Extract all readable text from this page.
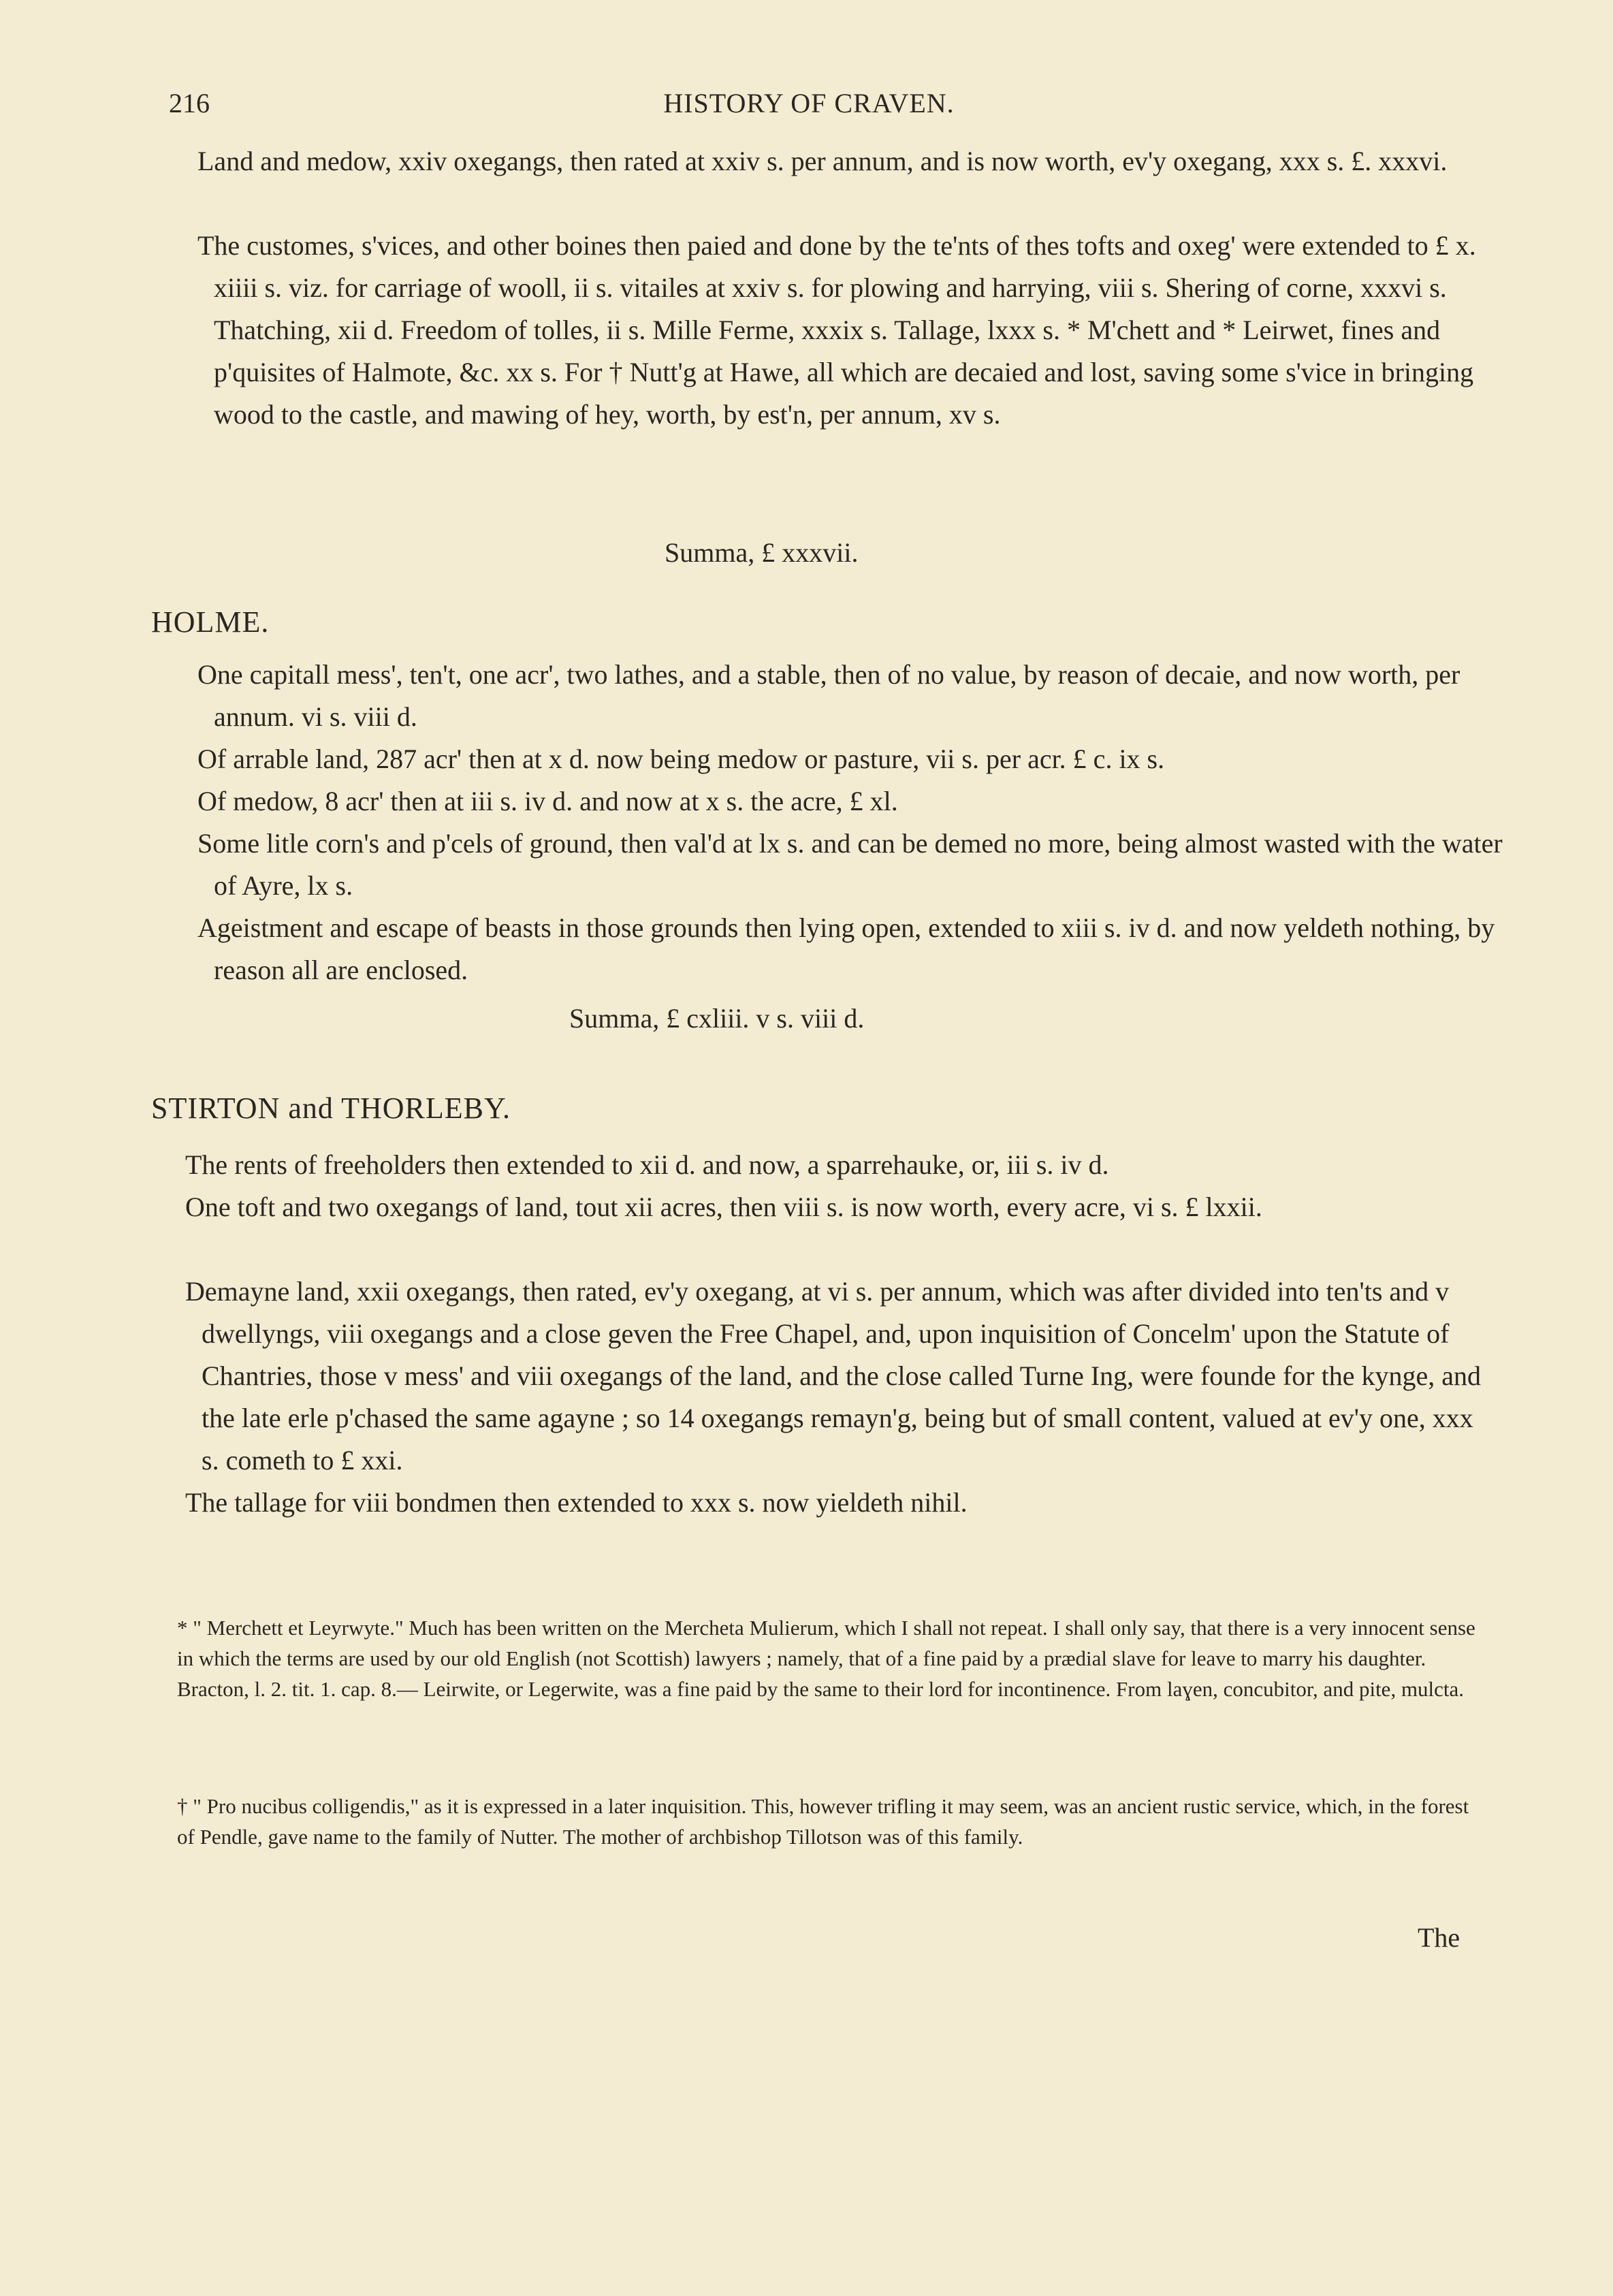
216	HISTORY OF CRAVEN.

Land and medow, xxiv oxegangs, then rated at xxiv s. per annum, and is now worth, ev'y oxegang, xxx s. £. xxxvi.

The customes, s'vices, and other boines then paied and done by the te'nts of thes tofts and oxeg' were extended to £ x. xiiii s. viz. for carriage of wooll, ii s. vitailes at xxiv s. for plowing and harrying, viii s. Shering of corne, xxxvi s. Thatching, xii d. Freedom of tolles, ii s. Mille Ferme, xxxix s. Tallage, lxxx s. * M'chett and * Leirwet, fines and p'quisites of Halmote, &c. xx s. For † Nutt'g at Hawe, all which are decaied and lost, saving some s'vice in bringing wood to the castle, and mawing of hey, worth, by est'n, per annum, xv s.

Summa, £ xxxvii.

HOLME.

One capitall mess', ten't, one acr', two lathes, and a stable, then of no value, by reason of decaie, and now worth, per annum. vi s. viii d.

Of arrable land, 287 acr' then at x d. now being medow or pasture, vii s. per acr. £ c. ix s.

Of medow, 8 acr' then at iii s. iv d. and now at x s. the acre, £ xl.

Some litle corn's and p'cels of ground, then val'd at lx s. and can be demed no more, being almost wasted with the water of Ayre, lx s.

Ageistment and escape of beasts in those grounds then lying open, extended to xiii s. iv d. and now yeldeth nothing, by reason all are enclosed.

Summa, £ cxliii. v s. viii d.

STIRTON and THORLEBY.

The rents of freeholders then extended to xii d. and now, a sparrehauke, or, iii s. iv d.

One toft and two oxegangs of land, tout xii acres, then viii s. is now worth, every acre, vi s. £ lxxii.

Demayne land, xxii oxegangs, then rated, ev'y oxegang, at vi s. per annum, which was after divided into ten'ts and v dwellyngs, viii oxegangs and a close geven the Free Chapel, and, upon inquisition of Concelm' upon the Statute of Chantries, those v mess' and viii oxegangs of the land, and the close called Turne Ing, were founde for the kynge, and the late erle p'chased the same agayne ; so 14 oxegangs remayn'g, being but of small content, valued at ev'y one, xxx s. cometh to £ xxi.

The tallage for viii bondmen then extended to xxx s. now yieldeth nihil.

* " Merchett et Leyrwyte." Much has been written on the Mercheta Mulierum, which I shall not repeat. I shall only say, that there is a very innocent sense in which the terms are used by our old English (not Scottish) lawyers ; namely, that of a fine paid by a prædial slave for leave to marry his daughter. Bracton, l. 2. tit. 1. cap. 8.— Leirwite, or Legerwite, was a fine paid by the same to their lord for incontinence. From laɣen, concubitor, and pite, mulcta.

† " Pro nucibus colligendis," as it is expressed in a later inquisition. This, however trifling it may seem, was an ancient rustic service, which, in the forest of Pendle, gave name to the family of Nutter. The mother of archbishop Tillotson was of this family.

The
